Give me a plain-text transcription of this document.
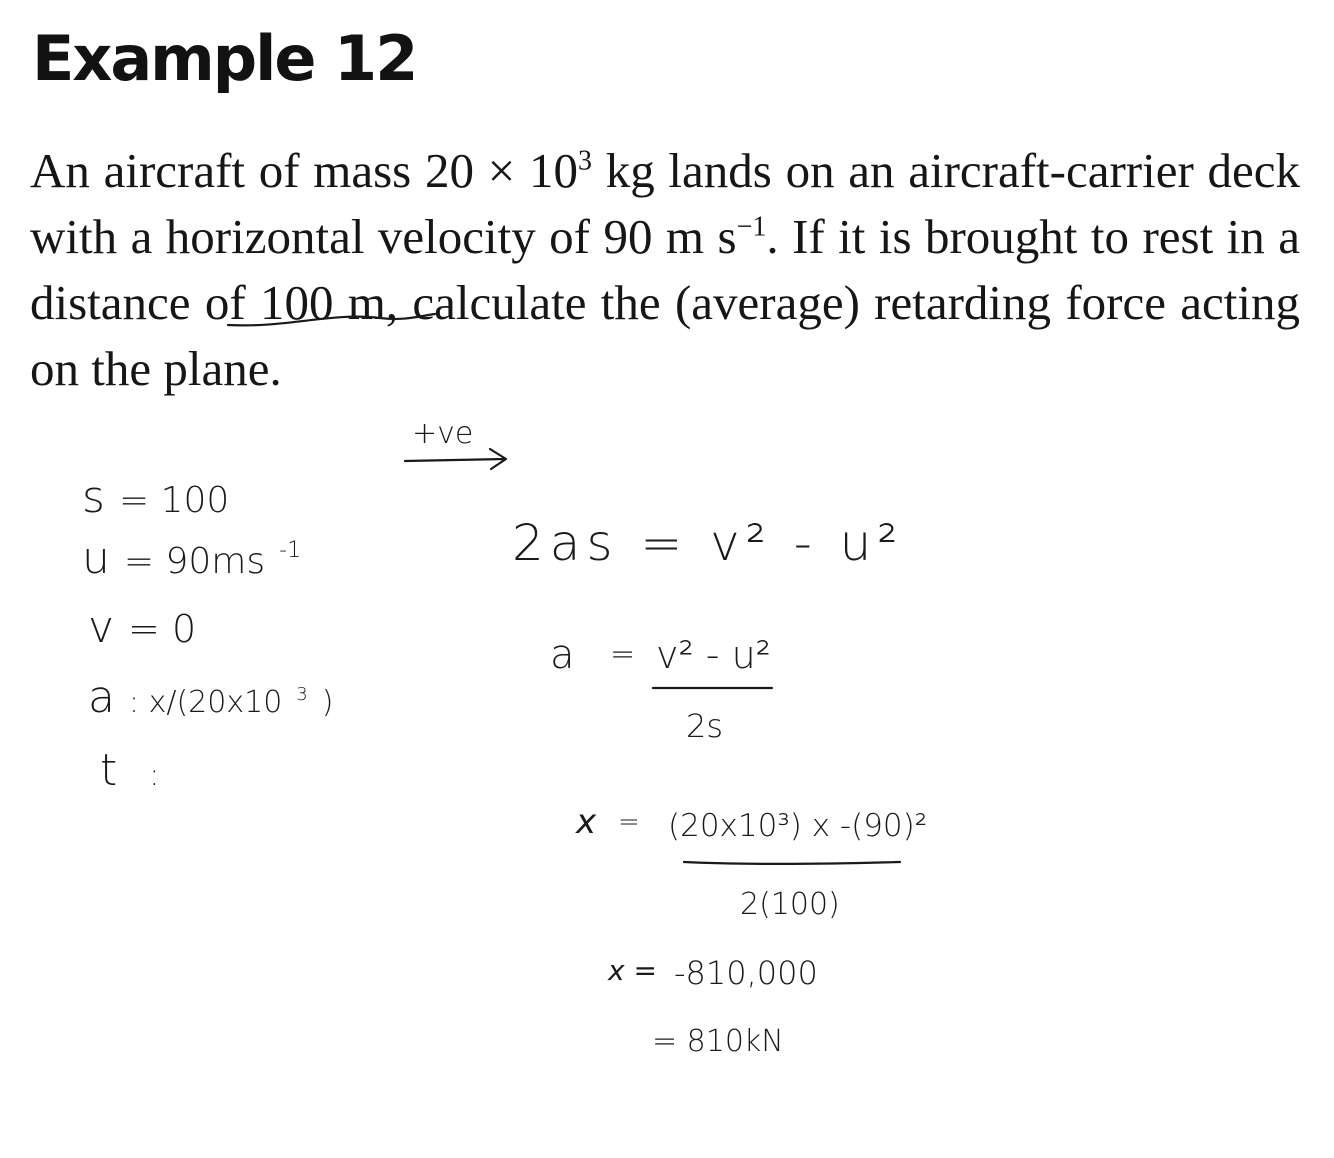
Example 12

An aircraft of mass $20 \times 10^3$ kg lands on an aircraft-carrier deck with a horizontal velocity of 90 m $s^{-1}$. If it is brought to rest in a distance of 100 m, calculate the (average) retarding force acting on the plane.

+ve
s = 100
u = 90ms $^{-1}$
v = 0
a : x/(20x10 $^3$ $_)$
t :
2as = v² - u²
a = v² - u²
2s
x = (20x10³) x -(90)²
2(100)
x = -810,000
= 810kN
